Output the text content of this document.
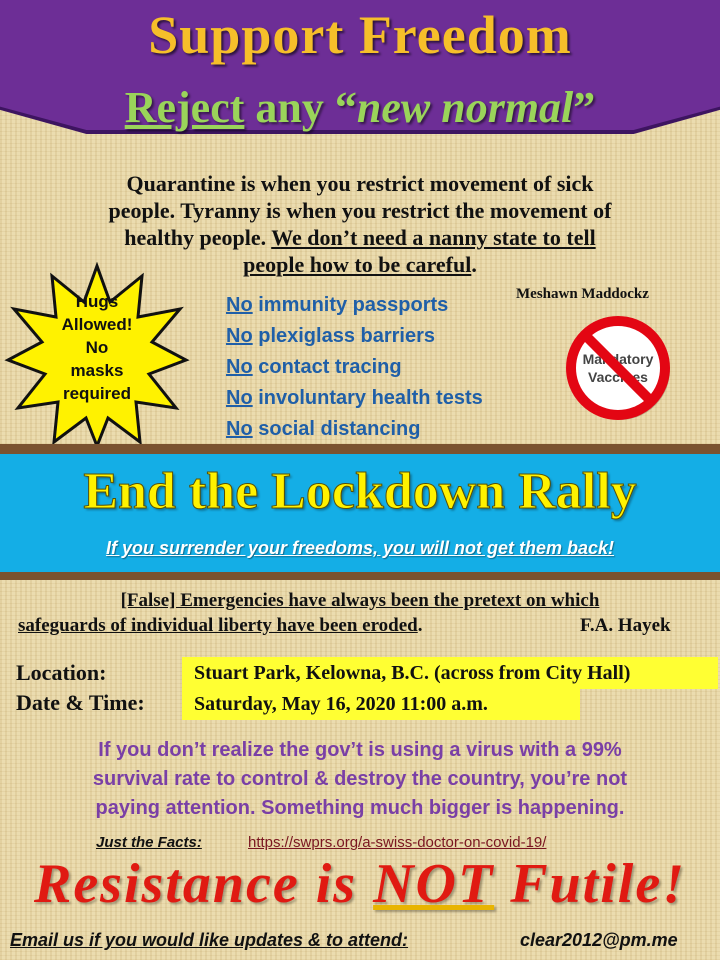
Support Freedom
Reject any “new normal”
Quarantine is when you restrict movement of sick
people. Tyranny is when you restrict the movement of
healthy people. We don’t need a nanny state to tell
people how to be careful.
Hugs
Allowed!
No
masks
required
No immunity passports
No plexiglass barriers
No contact tracing
No involuntary health tests
No social distancing
Meshawn Maddockz
Mandatory
Vaccines
End the Lockdown Rally
If you surrender your freedoms, you will not get them back!
[False] Emergencies have always been the pretext on which
safeguards of individual liberty have been eroded.	F.A. Hayek
Location:	Stuart Park, Kelowna, B.C. (across from City Hall)
Date & Time:	Saturday, May 16, 2020 11:00 a.m.
If you don’t realize the gov’t is using a virus with a 99%
survival rate to control & destroy the country, you’re not
paying attention. Something much bigger is happening.
Just the Facts:	https://swprs.org/a-swiss-doctor-on-covid-19/
Resistance is NOT Futile!
Email us if you would like updates & to attend:	clear2012@pm.me
